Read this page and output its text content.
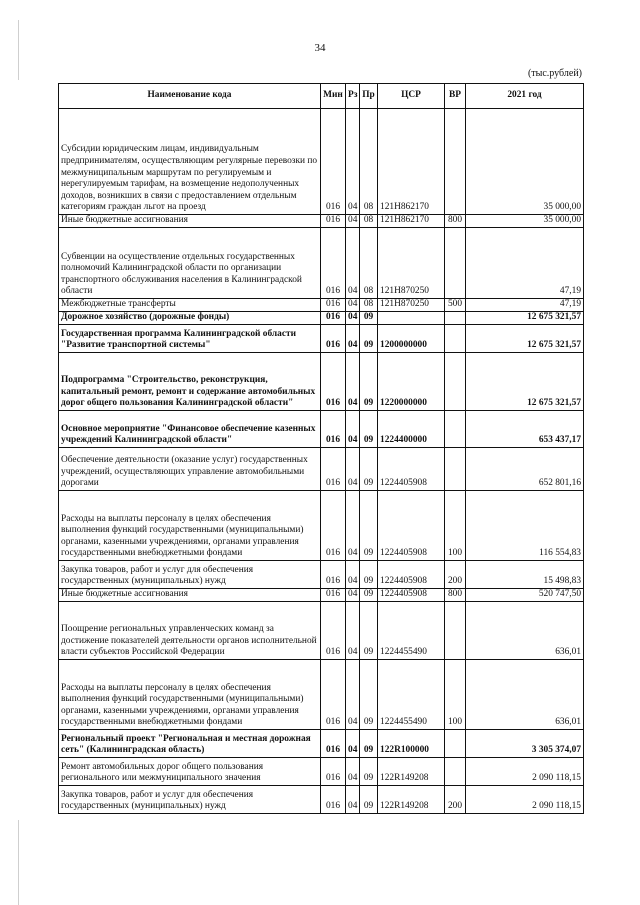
34
(тыс.рублей)
Наименование кода	Мин	Рз	Пр	ЦСР	ВР	2021 год
Субсидии юридическим лицам, индивидуальным предпринимателям, осуществляющим регулярные перевозки по межмуниципальным маршрутам по регулируемым и нерегулируемым тарифам, на возмещение недополученных доходов, возникших в связи с предоставлением отдельным категориям граждан льгот на проезд	016	04	08	121Н862170		35 000,00
Иные бюджетные ассигнования	016	04	08	121Н862170	800	35 000,00
Субвенции на осуществление отдельных государственных полномочий Калининградской области по организации транспортного обслуживания населения в Калининградской области	016	04	08	121Н870250		47,19
Межбюджетные трансферты	016	04	08	121Н870250	500	47,19
Дорожное хозяйство (дорожные фонды)	016	04	09			12 675 321,57
Государственная программа Калининградской области "Развитие транспортной системы"	016	04	09	1200000000		12 675 321,57
Подпрограмма "Строительство, реконструкция, капитальный ремонт, ремонт и содержание автомобильных дорог общего пользования Калининградской области"	016	04	09	1220000000		12 675 321,57
Основное мероприятие "Финансовое обеспечение казенных учреждений Калининградской области"	016	04	09	1224400000		653 437,17
Обеспечение деятельности (оказание услуг) государственных учреждений, осуществляющих управление автомобильными дорогами	016	04	09	1224405908		652 801,16
Расходы на выплаты персоналу в целях обеспечения выполнения функций государственными (муниципальными) органами, казенными учреждениями, органами управления государственными внебюджетными фондами	016	04	09	1224405908	100	116 554,83
Закупка товаров, работ и услуг для обеспечения государственных (муниципальных) нужд	016	04	09	1224405908	200	15 498,83
Иные бюджетные ассигнования	016	04	09	1224405908	800	520 747,50
Поощрение региональных управленческих команд за достижение показателей деятельности органов исполнительной власти субъектов Российской Федерации	016	04	09	1224455490		636,01
Расходы на выплаты персоналу в целях обеспечения выполнения функций государственными (муниципальными) органами, казенными учреждениями, органами управления государственными внебюджетными фондами	016	04	09	1224455490	100	636,01
Региональный проект "Региональная и местная дорожная сеть" (Калининградская область)	016	04	09	122R100000		3 305 374,07
Ремонт автомобильных дорог общего пользования регионального или межмуниципального значения	016	04	09	122R149208		2 090 118,15
Закупка товаров, работ и услуг для обеспечения государственных (муниципальных) нужд	016	04	09	122R149208	200	2 090 118,15
